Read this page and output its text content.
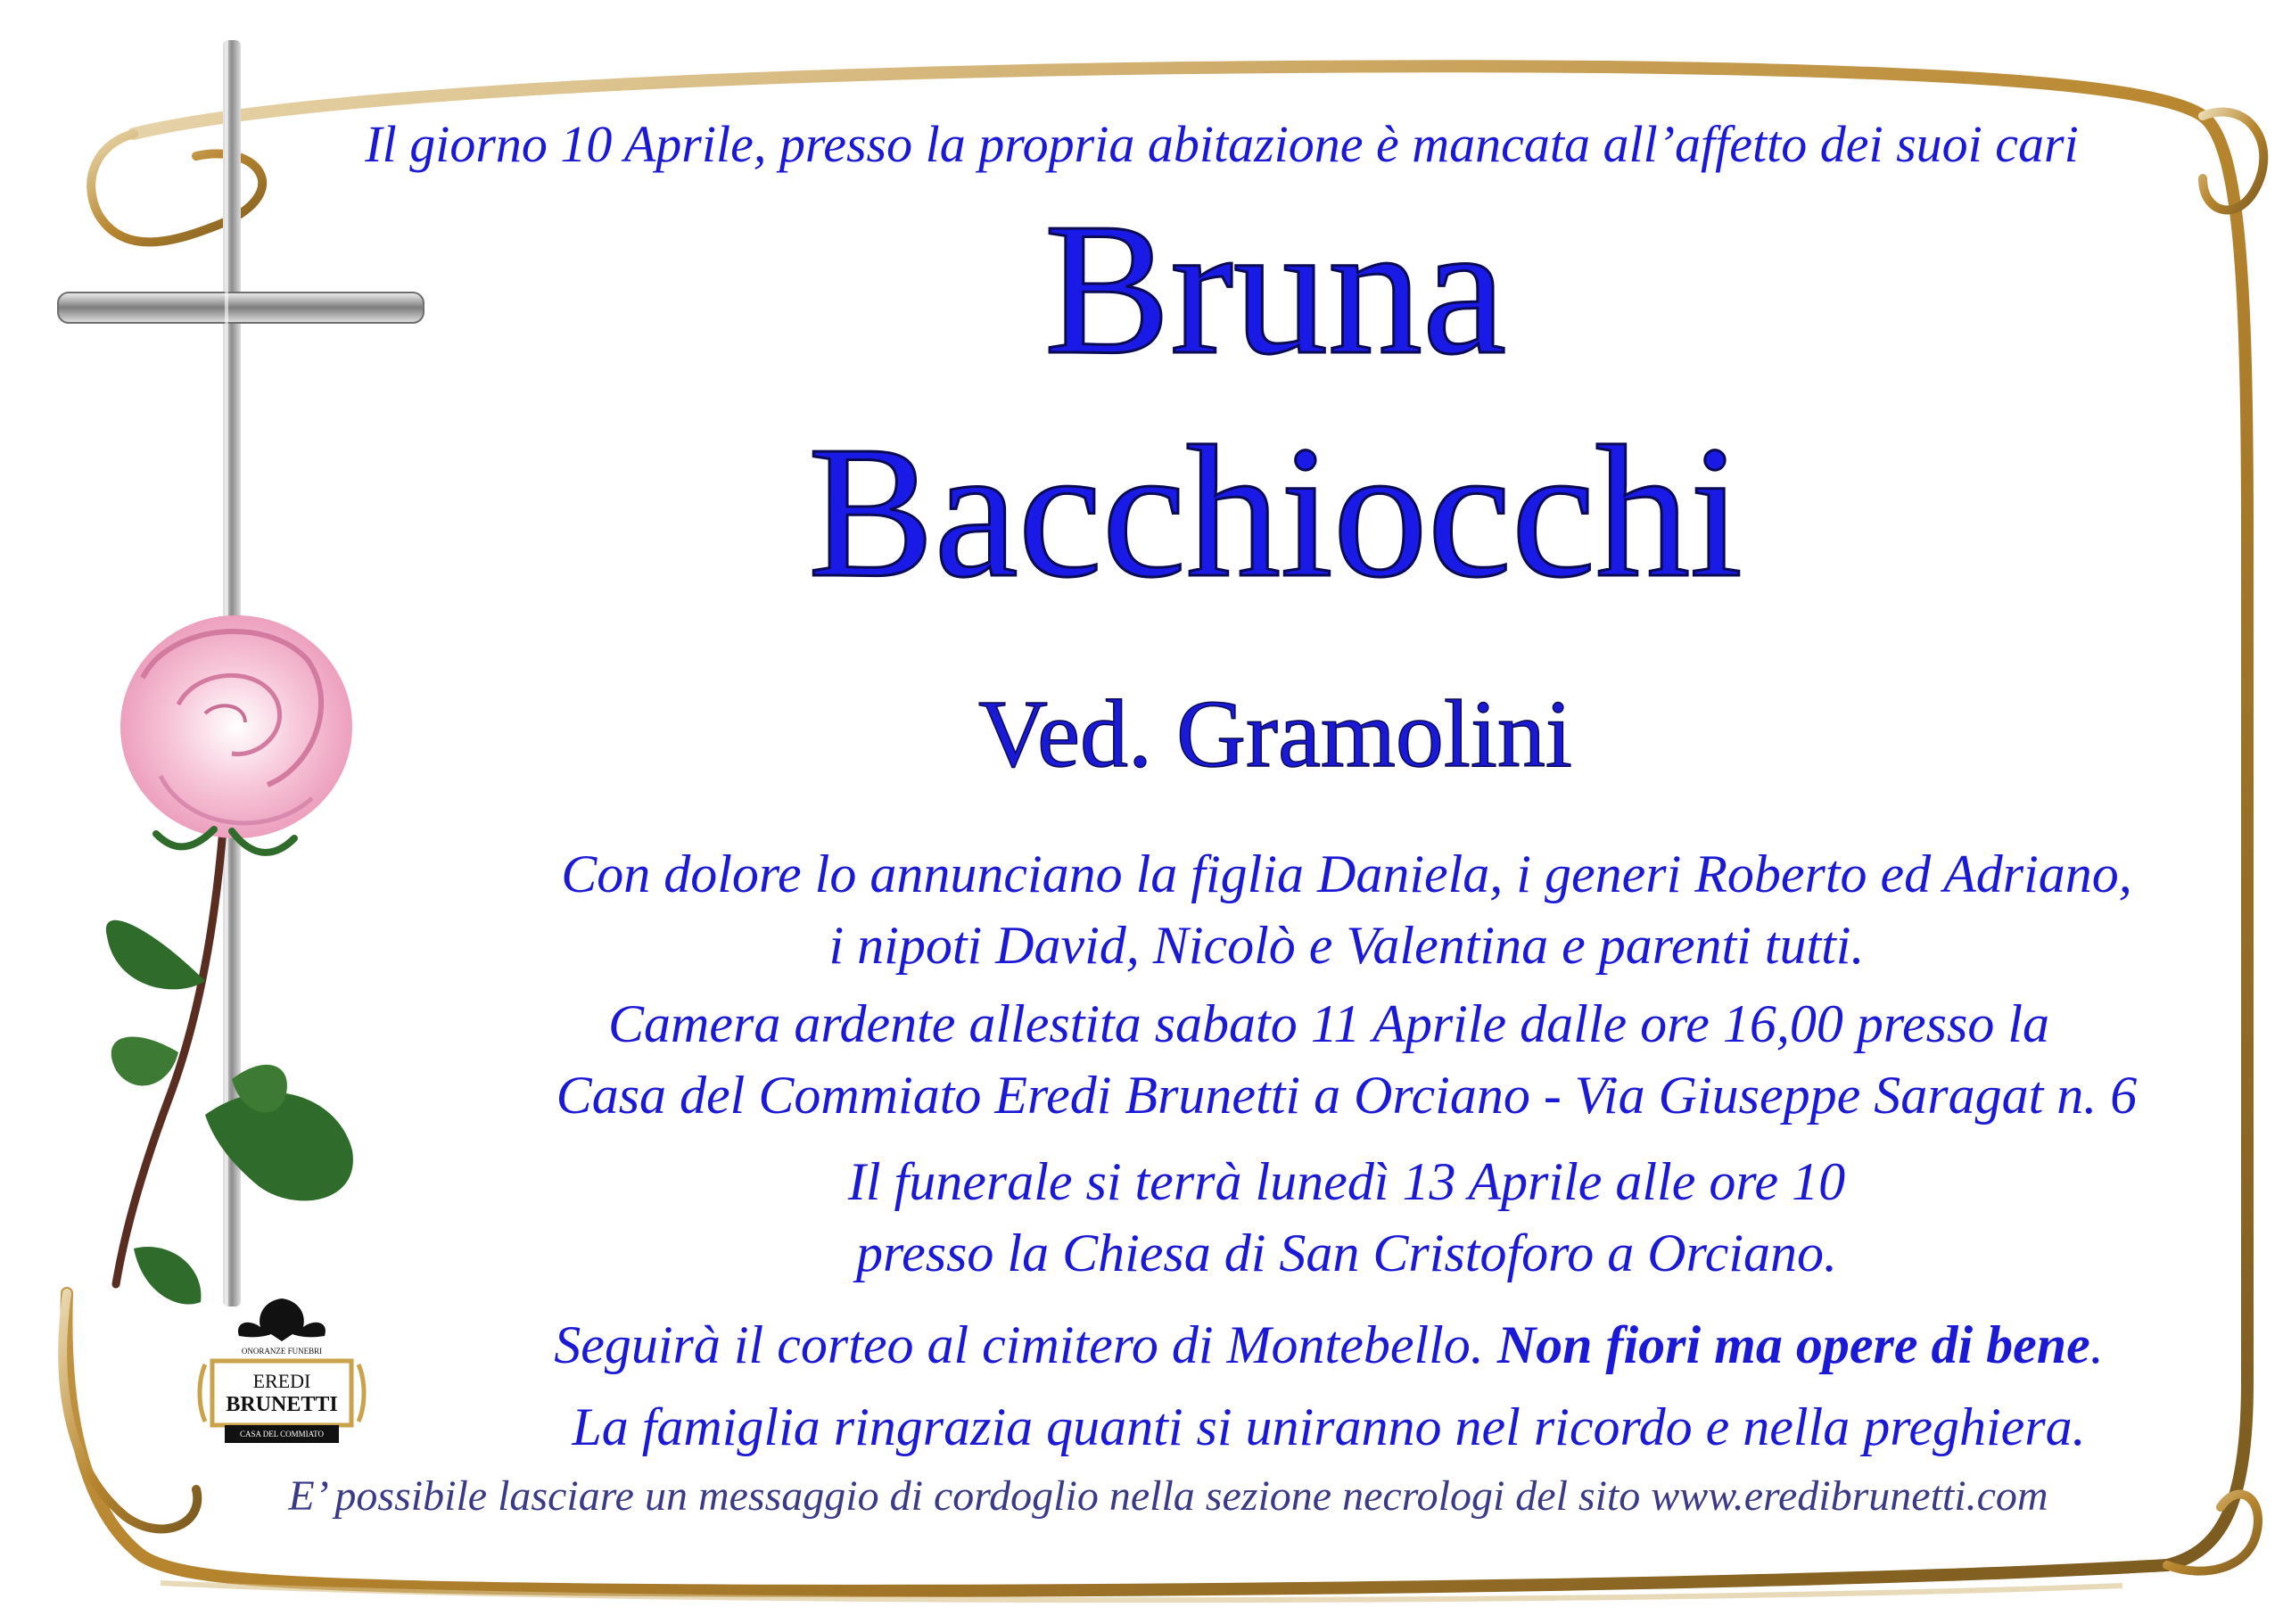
Il giorno 10 Aprile, presso la propria abitazione è mancata all’affetto dei suoi cari

Bruna

Bacchiocchi

Ved. Gramolini

Con dolore lo annunciano la figlia Daniela, i generi Roberto ed Adriano,

i nipoti David, Nicolò e Valentina e parenti tutti.

Camera ardente allestita sabato 11 Aprile dalle ore 16,00 presso la

Casa del Commiato Eredi Brunetti a Orciano - Via Giuseppe Saragat n. 6

Il funerale si terrà lunedì 13 Aprile alle ore 10

presso la Chiesa di San Cristoforo a Orciano.

Seguirà il corteo al cimitero di Montebello. Non fiori ma opere di bene.

La famiglia ringrazia quanti si uniranno nel ricordo e nella preghiera.

E’ possibile lasciare un messaggio di cordoglio nella sezione necrologi del sito www.eredibrunetti.com

ONORANZE FUNEBRI
EREDI
BRUNETTI
CASA DEL COMMIATO
